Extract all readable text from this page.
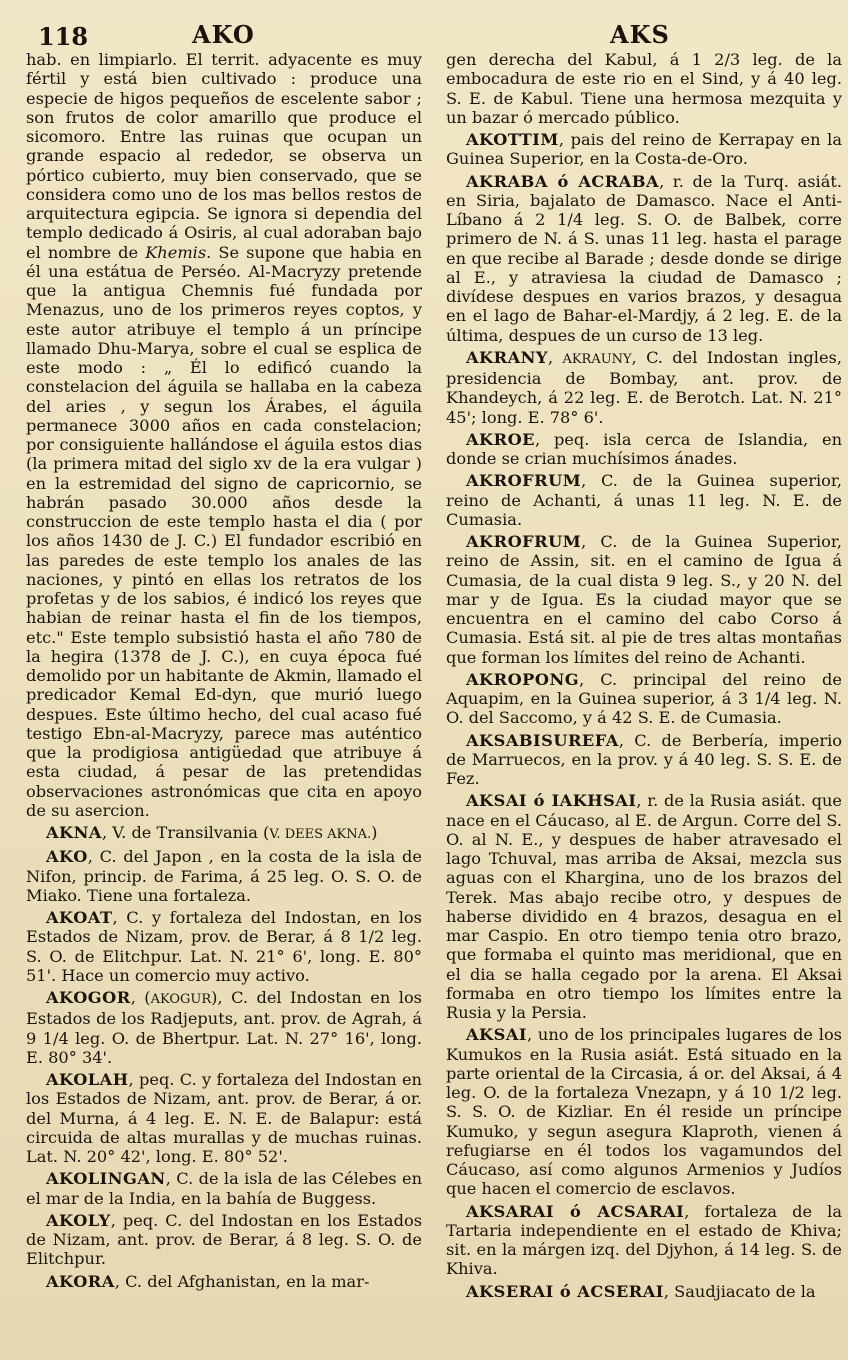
118	AKO	AKS

hab. en limpiarlo. El territ. adyacente es muy fértil y está bien cultivado : produce una especie de higos pequeños de escelente sabor ; son frutos de color amarillo que produce el sicomoro. Entre las ruinas que ocupan un grande espacio al rededor, se observa un pórtico cubierto, muy bien conservado, que se considera como uno de los mas bellos restos de arquitectura egipcia. Se ignora si dependia del templo dedicado á Osiris, al cual adoraban bajo el nombre de Khemis. Se supone que habia en él una estátua de Perséo. Al-Macryzy pretende que la antigua Chemnis fué fundada por Menazus, uno de los primeros reyes coptos, y este autor atribuye el templo á un príncipe llamado Dhu-Marya, sobre el cual se esplica de este modo : „ Él lo edificó cuando la constelacion del águila se hallaba en la cabeza del aries , y segun los Árabes, el águila permanece 3000 años en cada constelacion; por consiguiente hallándose el águila estos dias (la primera mitad del siglo xv de la era vulgar ) en la estremidad del signo de capricornio, se habrán pasado 30.000 años desde la construccion de este templo hasta el dia ( por los años 1430 de J. C.) El fundador escribió en las paredes de este templo los anales de las naciones, y pintó en ellas los retratos de los profetas y de los sabios, é indicó los reyes que habian de reinar hasta el fin de los tiempos, etc." Este templo subsistió hasta el año 780 de la hegira (1378 de J. C.), en cuya época fué demolido por un habitante de Akmin, llamado el predicador Kemal Ed-dyn, que murió luego despues. Este último hecho, del cual acaso fué testigo Ebn-al-Macryzy, parece mas auténtico que la prodigiosa antigüedad que atribuye á esta ciudad, á pesar de las pretendidas observaciones astronómicas que cita en apoyo de su asercion.

AKNA, V. de Transilvania (V. DEES AKNA.)

AKO, C. del Japon , en la costa de la isla de Nifon, princip. de Farima, á 25 leg. O. S. O. de Miako. Tiene una fortaleza.

AKOAT, C. y fortaleza del Indostan, en los Estados de Nizam, prov. de Berar, á 8 1/2 leg. S. O. de Elitchpur. Lat. N. 21° 6', long. E. 80° 51'. Hace un comercio muy activo.

AKOGOR, (AKOGUR), C. del Indostan en los Estados de los Radjeputs, ant. prov. de Agrah, á 9 1/4 leg. O. de Bhertpur. Lat. N. 27° 16', long. E. 80° 34'.

AKOLAH, peq. C. y fortaleza del Indostan en los Estados de Nizam, ant. prov. de Berar, á or. del Murna, á 4 leg. E. N. E. de Balapur: está circuida de altas murallas y de muchas ruinas. Lat. N. 20° 42', long. E. 80° 52'.

AKOLINGAN, C. de la isla de las Célebes en el mar de la India, en la bahía de Buggess.

AKOLY, peq. C. del Indostan en los Estados de Nizam, ant. prov. de Berar, á 8 leg. S. O. de Elitchpur.

AKORA, C. del Afghanistan, en la mar-

gen derecha del Kabul, á 1 2/3 leg. de la embocadura de este rio en el Sind, y á 40 leg. S. E. de Kabul. Tiene una hermosa mezquita y un bazar ó mercado público.

AKOTTIM, pais del reino de Kerrapay en la Guinea Superior, en la Costa-de-Oro.

AKRABA ó ACRABA, r. de la Turq. asiát. en Siria, bajalato de Damasco. Nace el Anti-Líbano á 2 1/4 leg. S. O. de Balbek, corre primero de N. á S. unas 11 leg. hasta el parage en que recibe al Barade ; desde donde se dirige al E., y atraviesa la ciudad de Damasco ; divídese despues en varios brazos, y desagua en el lago de Bahar-el-Mardjy, á 2 leg. E. de la última, despues de un curso de 13 leg.

AKRANY, AKRAUNY, C. del Indostan ingles, presidencia de Bombay, ant. prov. de Khandeych, á 22 leg. E. de Berotch. Lat. N. 21° 45'; long. E. 78° 6'.

AKROE, peq. isla cerca de Islandia, en donde se crian muchísimos ánades.

AKROFRUM, C. de la Guinea superior, reino de Achanti, á unas 11 leg. N. E. de Cumasia.

AKROFRUM, C. de la Guinea Superior, reino de Assin, sit. en el camino de Igua á Cumasia, de la cual dista 9 leg. S., y 20 N. del mar y de Igua. Es la ciudad mayor que se encuentra en el camino del cabo Corso á Cumasia. Está sit. al pie de tres altas montañas que forman los límites del reino de Achanti.

AKROPONG, C. principal del reino de Aquapim, en la Guinea superior, á 3 1/4 leg. N. O. del Saccomo, y á 42 S. E. de Cumasia.

AKSABISUREFA, C. de Berbería, imperio de Marruecos, en la prov. y á 40 leg. S. S. E. de Fez.

AKSAI ó IAKHSAI, r. de la Rusia asiát. que nace en el Cáucaso, al E. de Argun. Corre del S. O. al N. E., y despues de haber atravesado el lago Tchuval, mas arriba de Aksai, mezcla sus aguas con el Khargina, uno de los brazos del Terek. Mas abajo recibe otro, y despues de haberse dividido en 4 brazos, desagua en el mar Caspio. En otro tiempo tenia otro brazo, que formaba el quinto mas meridional, que en el dia se halla cegado por la arena. El Aksai formaba en otro tiempo los límites entre la Rusia y la Persia.

AKSAI, uno de los principales lugares de los Kumukos en la Rusia asiát. Está situado en la parte oriental de la Circasia, á or. del Aksai, á 4 leg. O. de la fortaleza Vnezapn, y á 10 1/2 leg. S. S. O. de Kizliar. En él reside un príncipe Kumuko, y segun asegura Klaproth, vienen á refugiarse en él todos los vagamundos del Cáucaso, así como algunos Armenios y Judíos que hacen el comercio de esclavos.

AKSARAI ó ACSARAI, fortaleza de la Tartaria independiente en el estado de Khiva; sit. en la márgen izq. del Djyhon, á 14 leg. S. de Khiva.

AKSERAI ó ACSERAI, Saudjiacato de la
